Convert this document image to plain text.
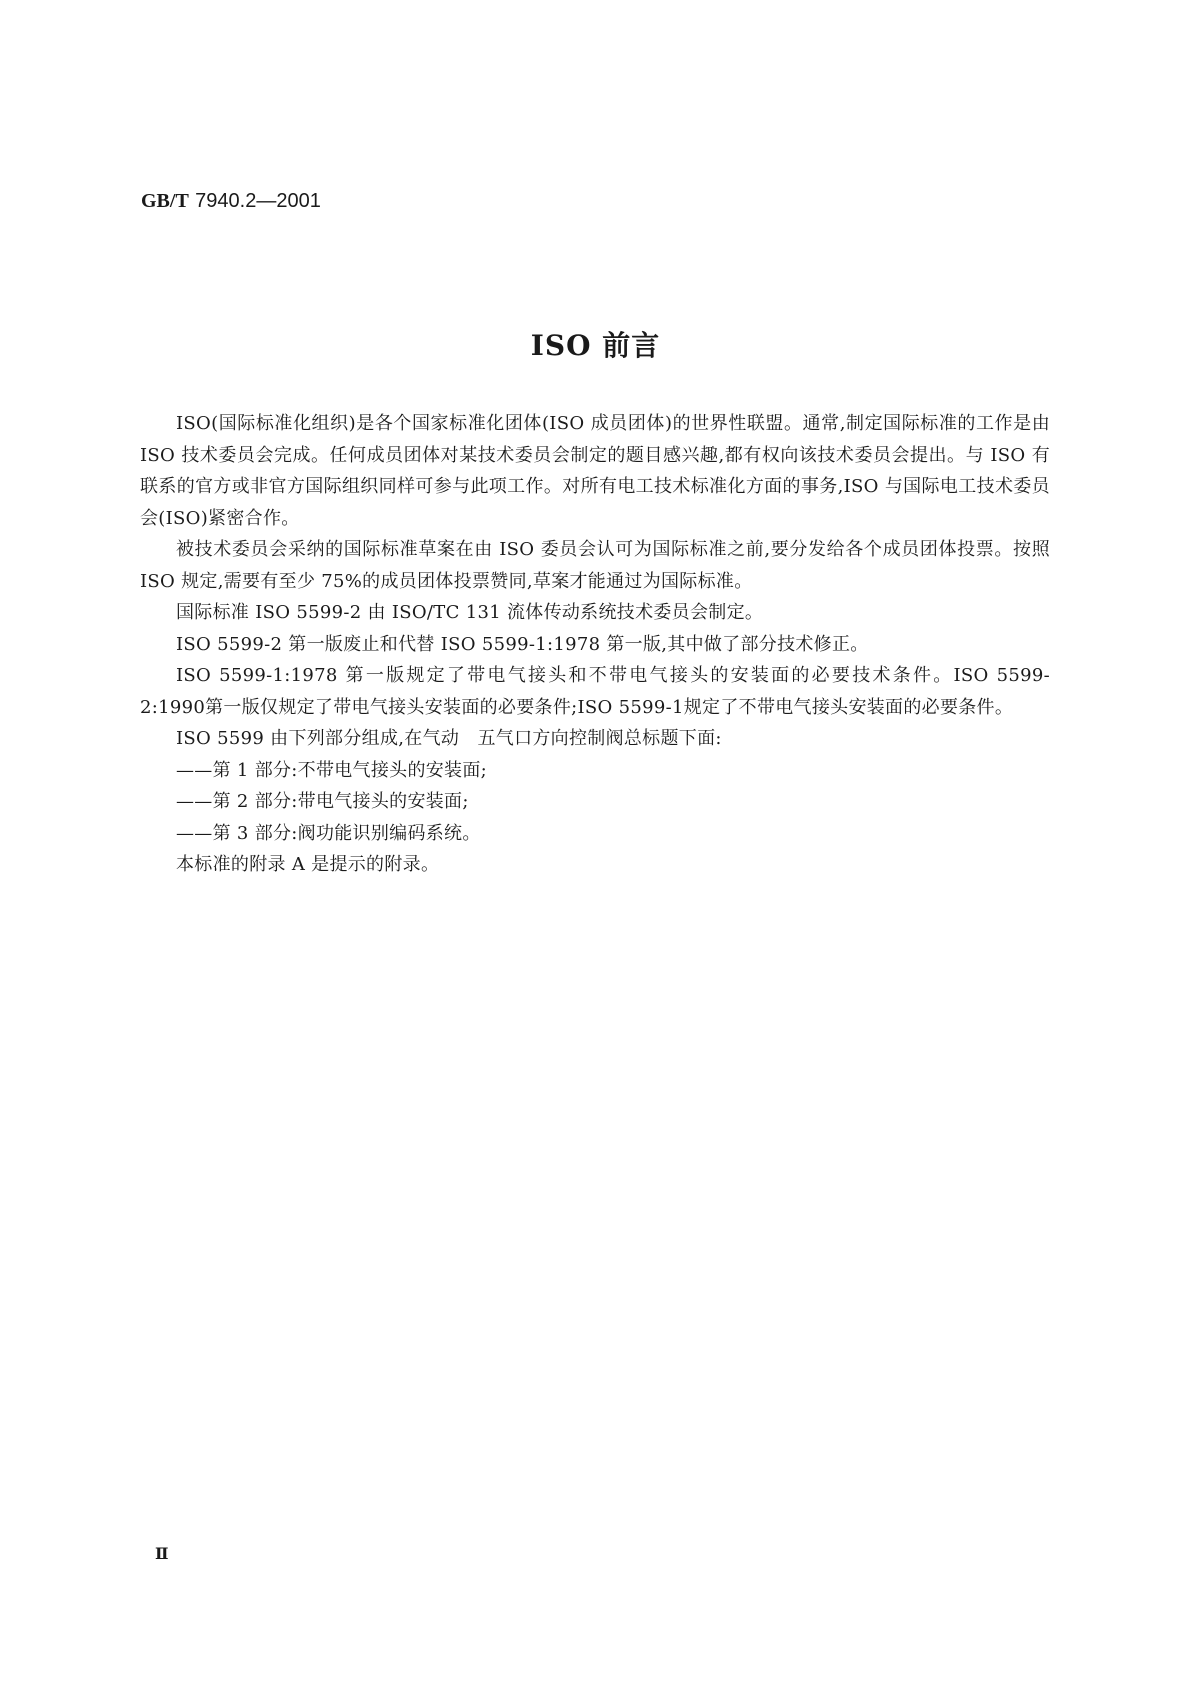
GB/T 7940.2—2001
ISO 前言

ISO(国际标准化组织)是各个国家标准化团体(ISO 成员团体)的世界性联盟。通常,制定国际标准的工作是由 ISO 技术委员会完成。任何成员团体对某技术委员会制定的题目感兴趣,都有权向该技术委员会提出。与 ISO 有联系的官方或非官方国际组织同样可参与此项工作。对所有电工技术标准化方面的事务,ISO 与国际电工技术委员会(ISO)紧密合作。

被技术委员会采纳的国际标准草案在由 ISO 委员会认可为国际标准之前,要分发给各个成员团体投票。按照 ISO 规定,需要有至少 75%的成员团体投票赞同,草案才能通过为国际标准。

国际标准 ISO 5599-2 由 ISO/TC 131 流体传动系统技术委员会制定。

ISO 5599-2 第一版废止和代替 ISO 5599-1:1978 第一版,其中做了部分技术修正。

ISO 5599-1:1978 第一版规定了带电气接头和不带电气接头的安装面的必要技术条件。ISO 5599-2:1990第一版仅规定了带电气接头安装面的必要条件;ISO 5599-1规定了不带电气接头安装面的必要条件。

ISO 5599 由下列部分组成,在气动　五气口方向控制阀总标题下面:

——第 1 部分:不带电气接头的安装面;

——第 2 部分:带电气接头的安装面;

——第 3 部分:阀功能识别编码系统。

本标准的附录 A 是提示的附录。

Ⅱ
